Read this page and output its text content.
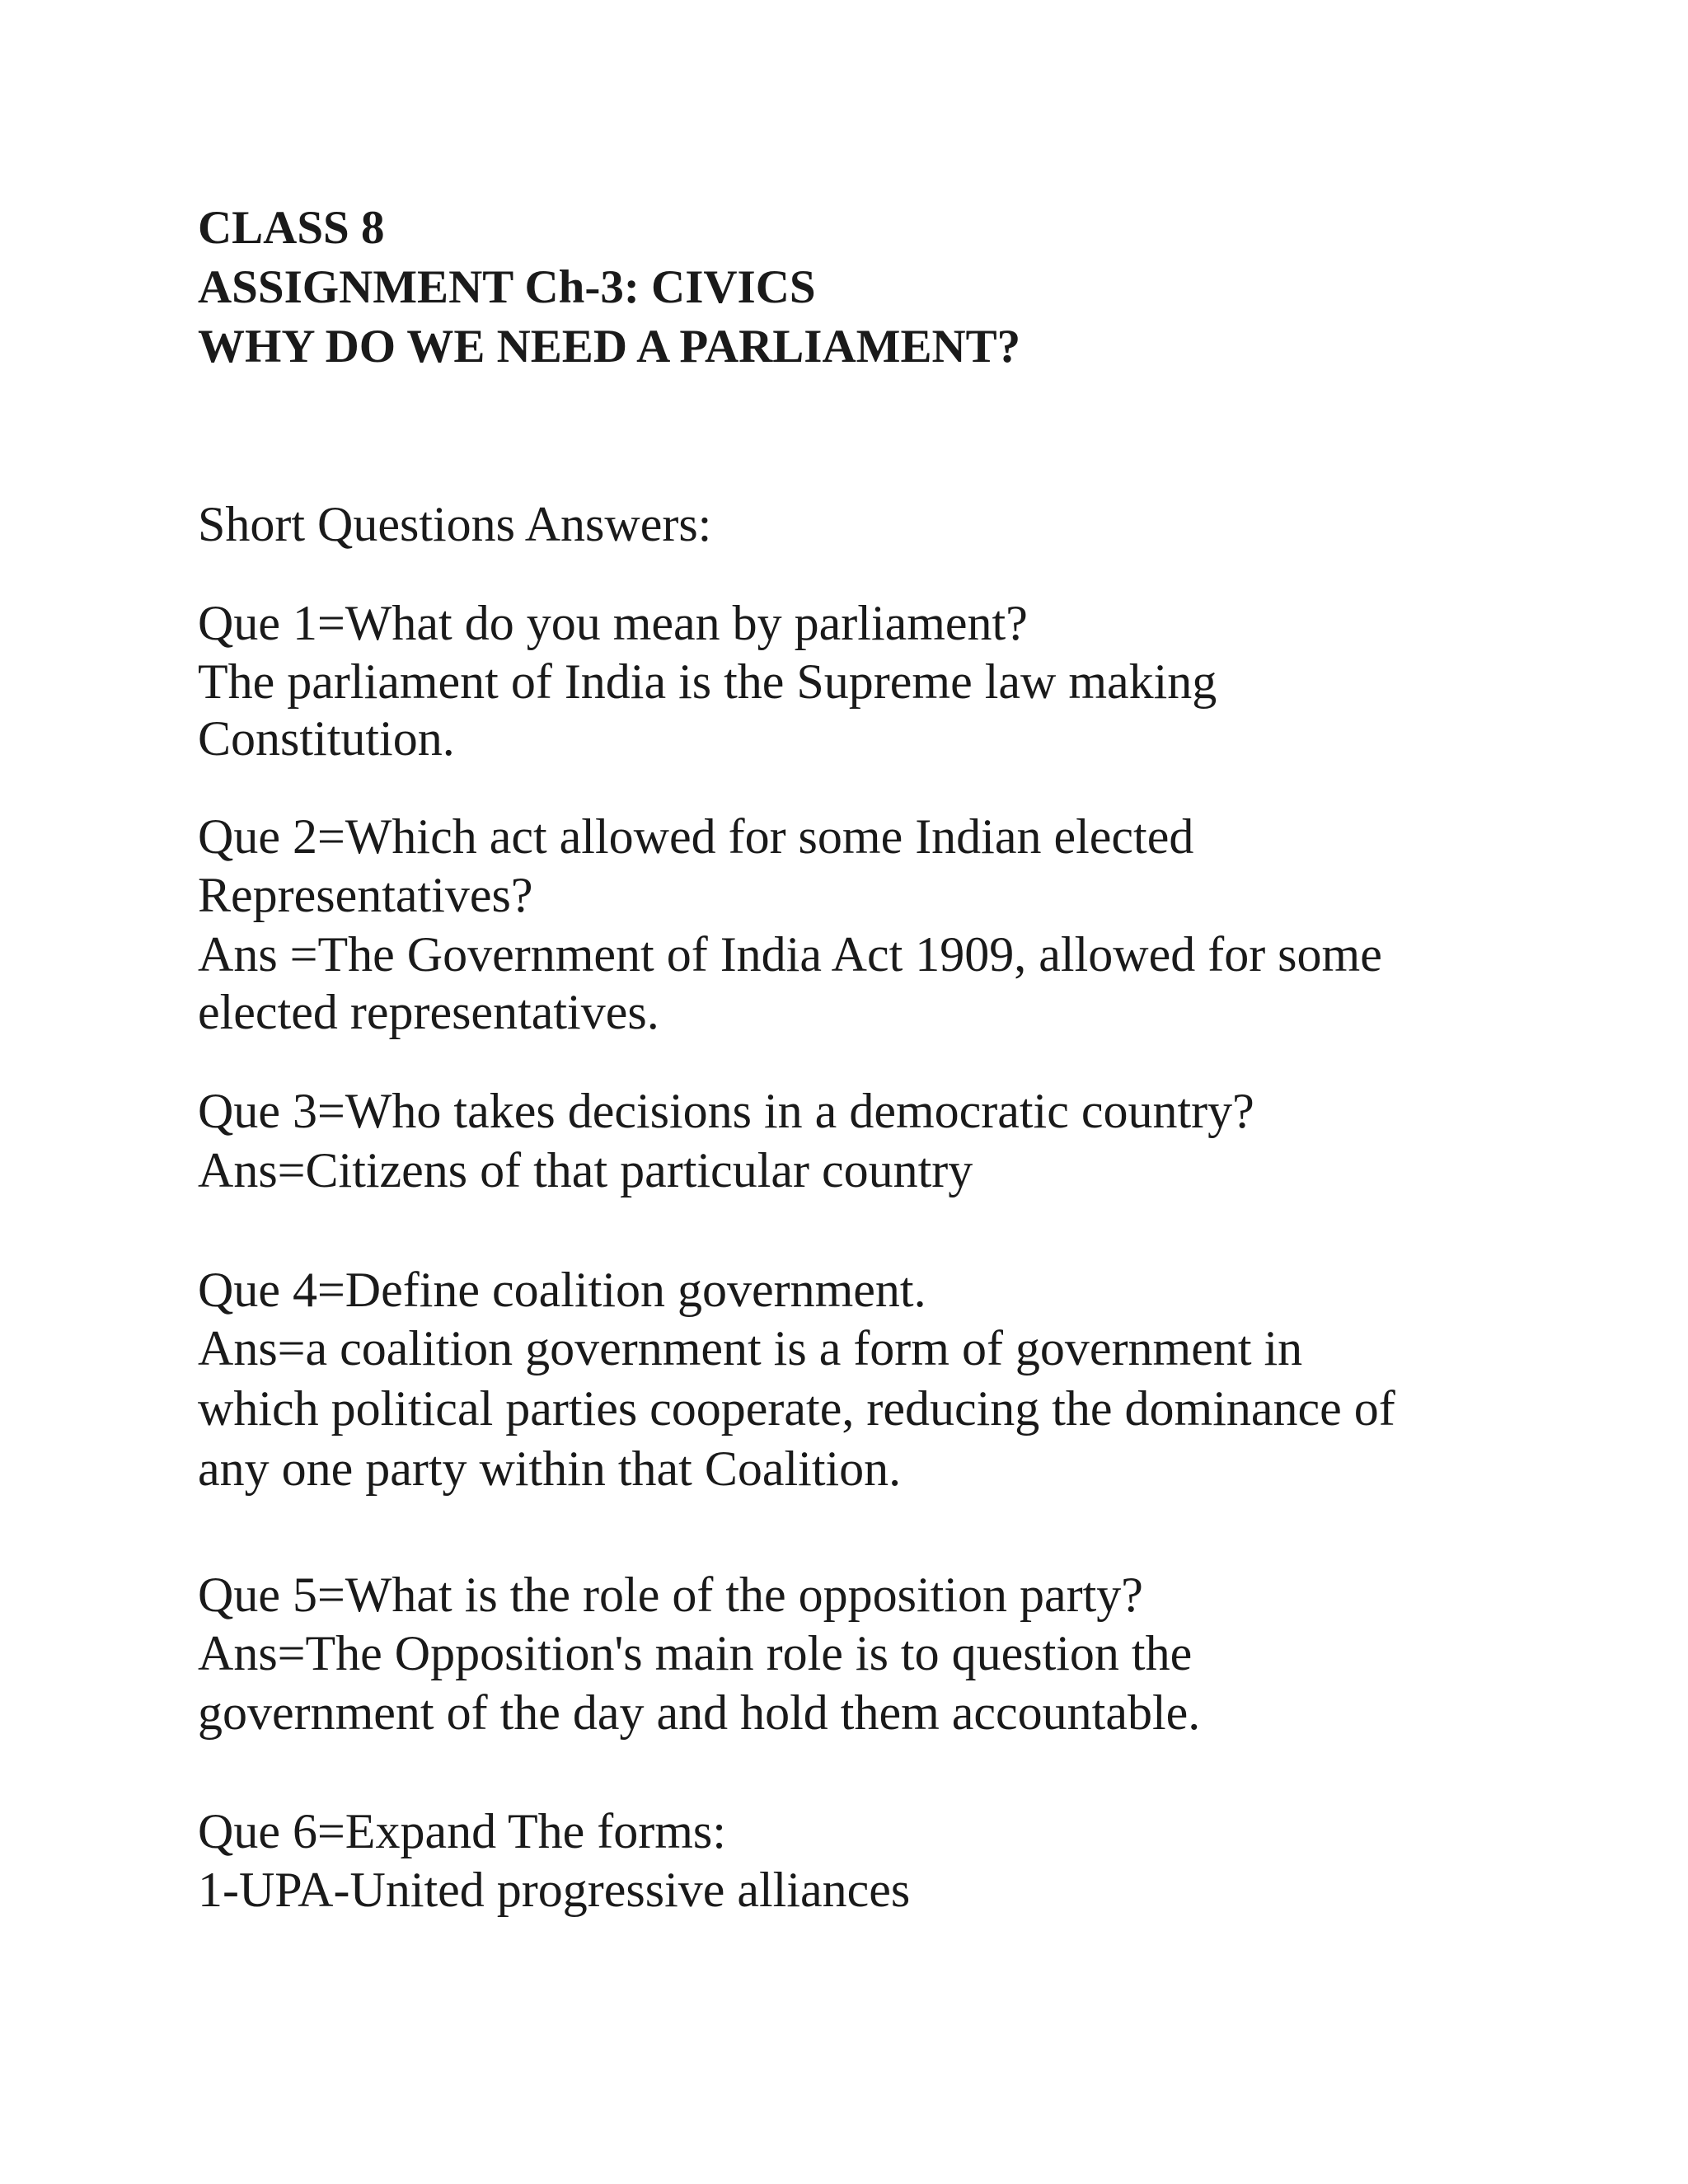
CLASS 8
ASSIGNMENT Ch-3: CIVICS
WHY DO WE NEED A PARLIAMENT?
Short Questions Answers:
Que 1=What do you mean by parliament?
The parliament of India is the Supreme law making
Constitution.
Que 2=Which act allowed for some Indian elected
Representatives?
Ans =The Government of India Act 1909, allowed for some
elected representatives.
Que 3=Who takes decisions in a democratic country?
Ans=Citizens of that particular country
Que 4=Define coalition government.
Ans=a coalition government is a form of government in
which political parties cooperate, reducing the dominance of
any one party within that Coalition.
Que 5=What is the role of the opposition party?
Ans=The Opposition's main role is to question the
government of the day and hold them accountable.
Que 6=Expand The forms:
1-UPA-United progressive alliances
